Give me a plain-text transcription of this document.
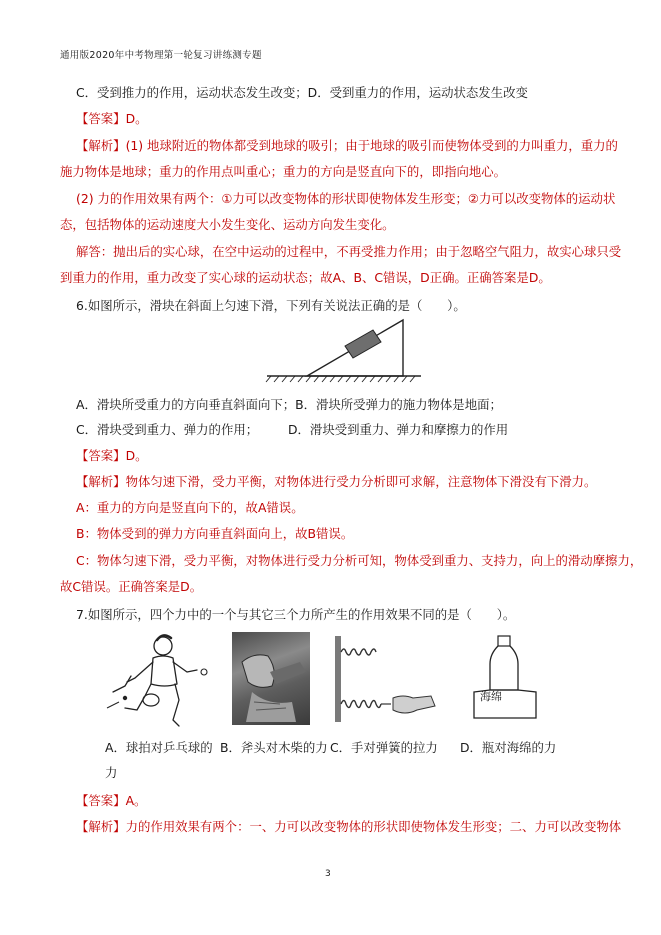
通用版2020年中考物理第一轮复习讲练测专题
C．受到推力的作用，运动状态发生改变；D．受到重力的作用，运动状态发生改变
【答案】D。
【解析】(1) 地球附近的物体都受到地球的吸引；由于地球的吸引而使物体受到的力叫重力，重力的
施力物体是地球；重力的作用点叫重心；重力的方向是竖直向下的，即指向地心。
(2) 力的作用效果有两个：①力可以改变物体的形状即使物体发生形变；②力可以改变物体的运动状
态，包括物体的运动速度大小发生变化、运动方向发生变化。
解答：抛出后的实心球，在空中运动的过程中，不再受推力作用；由于忽略空气阻力，故实心球只受
到重力的作用，重力改变了实心球的运动状态；故A、B、C错误，D正确。正确答案是D。
6.如图所示，滑块在斜面上匀速下滑，下列有关说法正确的是（　　）。
A．滑块所受重力的方向垂直斜面向下；B．滑块所受弹力的施力物体是地面；
C．滑块受到重力、弹力的作用； D．滑块受到重力、弹力和摩擦力的作用
【答案】D。
【解析】物体匀速下滑，受力平衡，对物体进行受力分析即可求解，注意物体下滑没有下滑力。
A：重力的方向是竖直向下的，故A错误。
B：物体受到的弹力方向垂直斜面向上，故B错误。
C：物体匀速下滑，受力平衡，对物体进行受力分析可知，物体受到重力、支持力，向上的滑动摩擦力，
故C错误。正确答案是D。
7.如图所示，四个力中的一个与其它三个力所产生的作用效果不同的是（　　）。
海绵
A．球拍对乒乓球的
力
B．斧头对木柴的力 C．手对弹簧的拉力 D．瓶对海绵的力
【答案】A。
【解析】力的作用效果有两个：一、力可以改变物体的形状即使物体发生形变；二、力可以改变物体
3
